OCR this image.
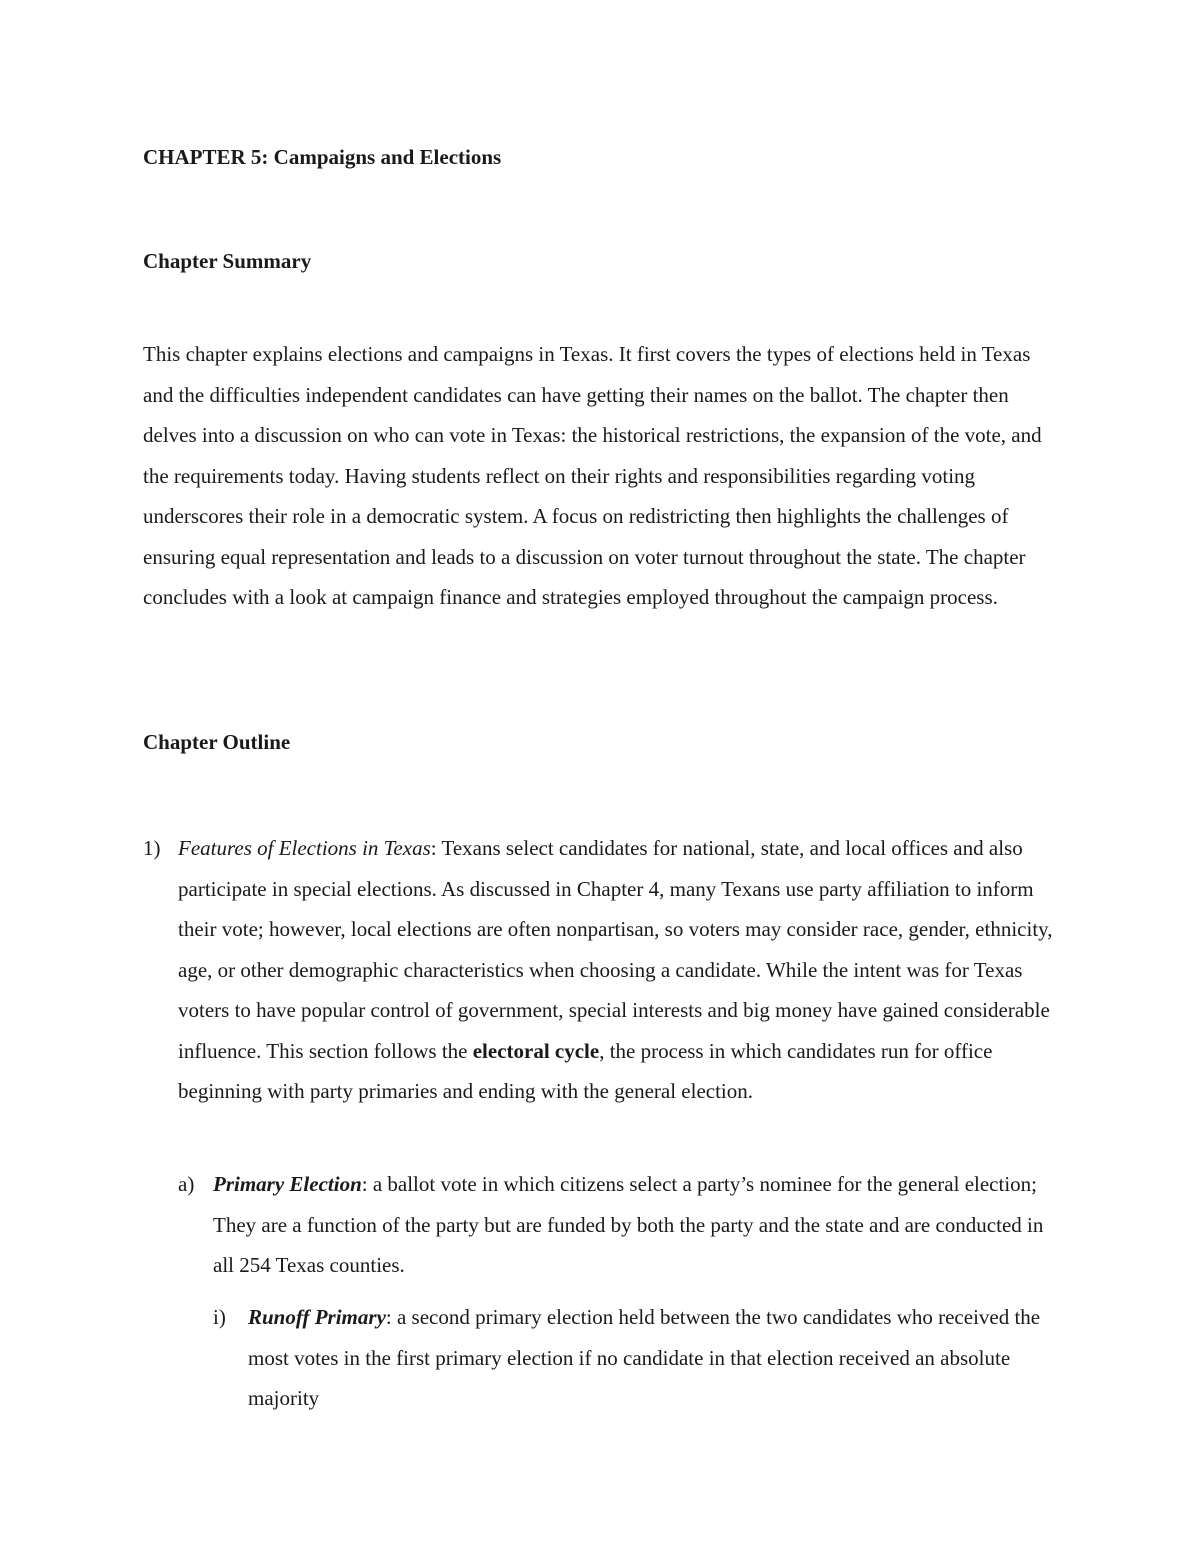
CHAPTER 5: Campaigns and Elections
Chapter Summary

This chapter explains elections and campaigns in Texas. It first covers the types of elections held in Texas and the difficulties independent candidates can have getting their names on the ballot. The chapter then delves into a discussion on who can vote in Texas: the historical restrictions, the expansion of the vote, and the requirements today. Having students reflect on their rights and responsibilities regarding voting underscores their role in a democratic system. A focus on redistricting then highlights the challenges of ensuring equal representation and leads to a discussion on voter turnout throughout the state. The chapter concludes with a look at campaign finance and strategies employed throughout the campaign process.

Chapter Outline
1) Features of Elections in Texas: Texans select candidates for national, state, and local offices and also participate in special elections. As discussed in Chapter 4, many Texans use party affiliation to inform their vote; however, local elections are often nonpartisan, so voters may consider race, gender, ethnicity, age, or other demographic characteristics when choosing a candidate. While the intent was for Texas voters to have popular control of government, special interests and big money have gained considerable influence. This section follows the electoral cycle, the process in which candidates run for office beginning with party primaries and ending with the general election.

a) Primary Election: a ballot vote in which citizens select a party’s nominee for the general election; They are a function of the party but are funded by both the party and the state and are conducted in all 254 Texas counties.

i) Runoff Primary: a second primary election held between the two candidates who received the most votes in the first primary election if no candidate in that election received an absolute majority
